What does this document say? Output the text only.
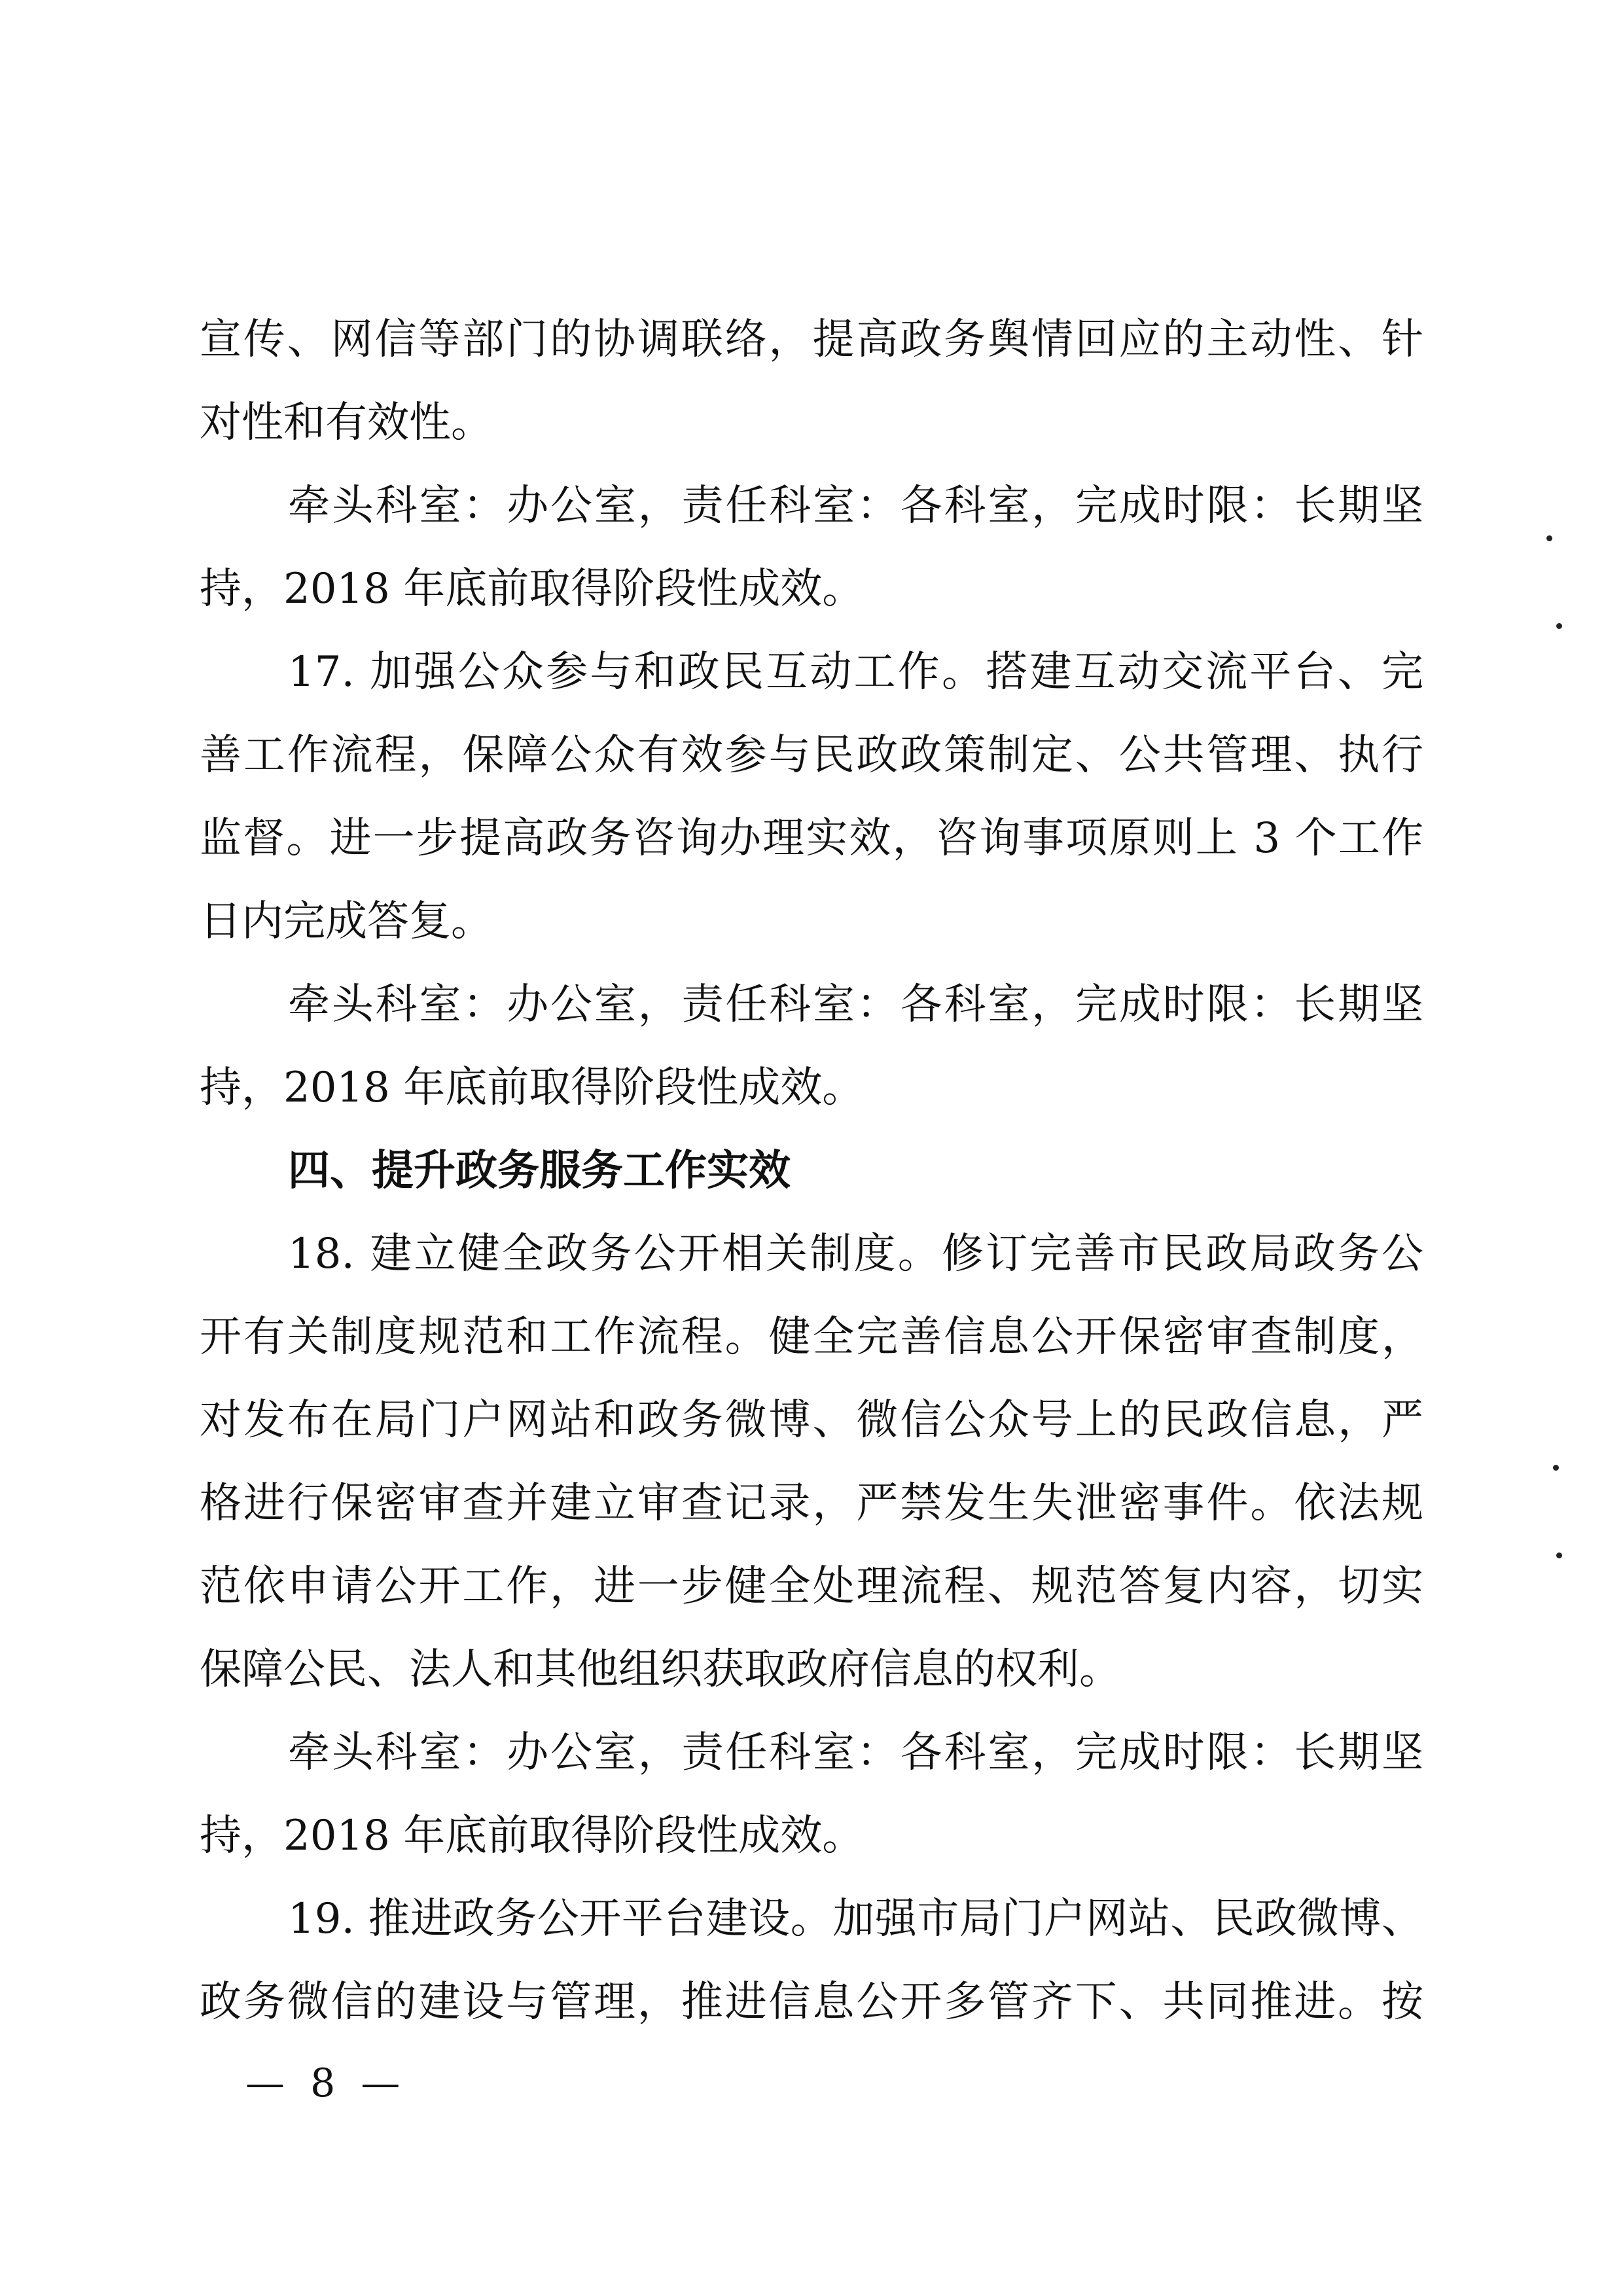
宣传、网信等部门的协调联络，提高政务舆情回应的主动性、针
对性和有效性。
牵头科室：办公室，责任科室：各科室，完成时限：长期坚
持，2018 年底前取得阶段性成效。
17. 加强公众参与和政民互动工作。搭建互动交流平台、完
善工作流程，保障公众有效参与民政政策制定、公共管理、执行
监督。进一步提高政务咨询办理实效，咨询事项原则上 3 个工作
日内完成答复。
牵头科室：办公室，责任科室：各科室，完成时限：长期坚
持，2018 年底前取得阶段性成效。
四、提升政务服务工作实效
18. 建立健全政务公开相关制度。修订完善市民政局政务公
开有关制度规范和工作流程。健全完善信息公开保密审查制度，
对发布在局门户网站和政务微博、微信公众号上的民政信息，严
格进行保密审查并建立审查记录，严禁发生失泄密事件。依法规
范依申请公开工作，进一步健全处理流程、规范答复内容，切实
保障公民、法人和其他组织获取政府信息的权利。
牵头科室：办公室，责任科室：各科室，完成时限：长期坚
持，2018 年底前取得阶段性成效。
19. 推进政务公开平台建设。加强市局门户网站、民政微博、
政务微信的建设与管理，推进信息公开多管齐下、共同推进。按
— 8 —
